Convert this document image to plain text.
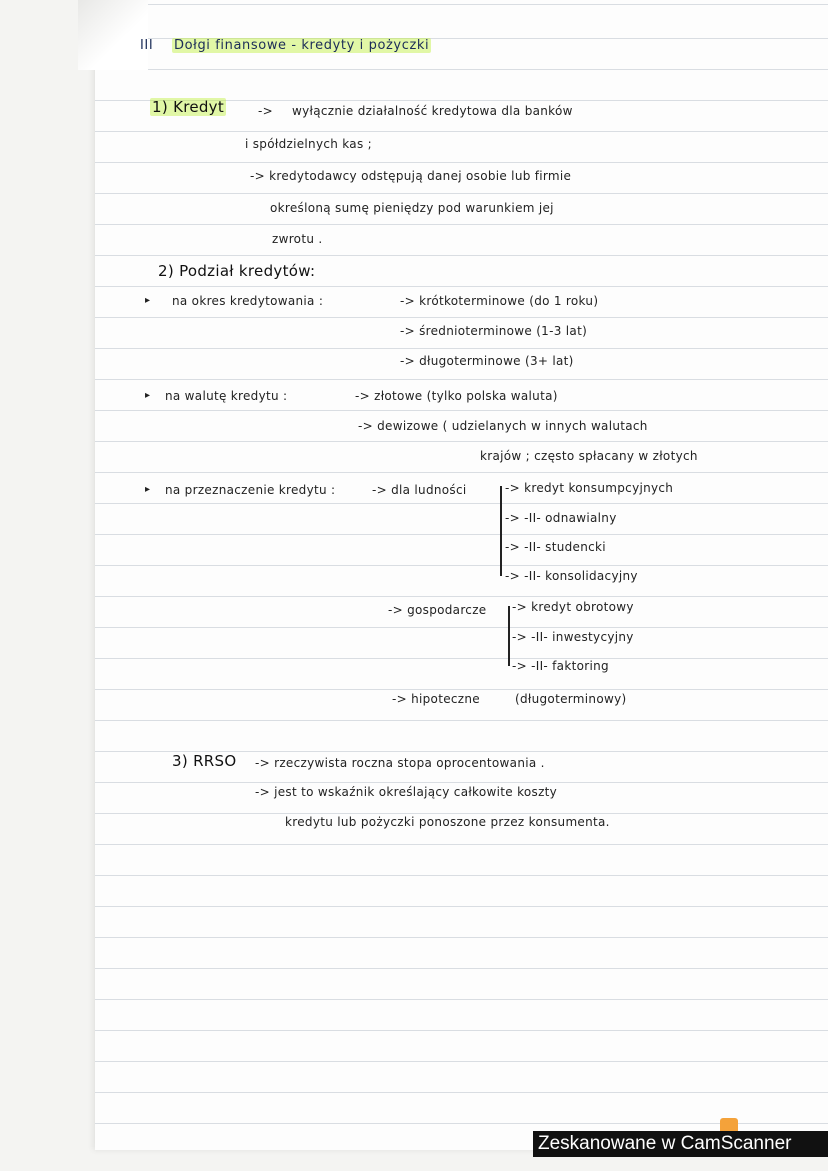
III Dołgi finansowe - kredyty i pożyczki
1) Kredyt	-> wyłącznie działalność kredytowa dla banków
i spółdzielnych kas ;
-> kredytodawcy odstępują danej osobie lub firmie
określoną sumę pieniędzy pod warunkiem jej
zwrotu .
2) Podział kredytów:
▸ na okres kredytowania :	-> krótkoterminowe (do 1 roku)
-> średnioterminowe (1-3 lat)
-> długoterminowe (3+ lat)
▸ na walutę kredytu :	-> złotowe (tylko polska waluta)
-> dewizowe ( udzielanych w innych walutach
krajów ; często spłacany w złotych
▸ na przeznaczenie kredytu :	-> dla ludności	-> kredyt konsumpcyjnych
-> -II- odnawialny
-> -II- studencki
-> -II- konsolidacyjny
-> gospodarcze -> kredyt obrotowy
-> -II- inwestycyjny
-> -II- faktoring
-> hipoteczne	(długoterminowy)
3) RRSO -> rzeczywista roczna stopa oprocentowania .
-> jest to wskaźnik określający całkowite koszty
kredytu lub pożyczki ponoszone przez konsumenta.
Zeskanowane w CamScanner
